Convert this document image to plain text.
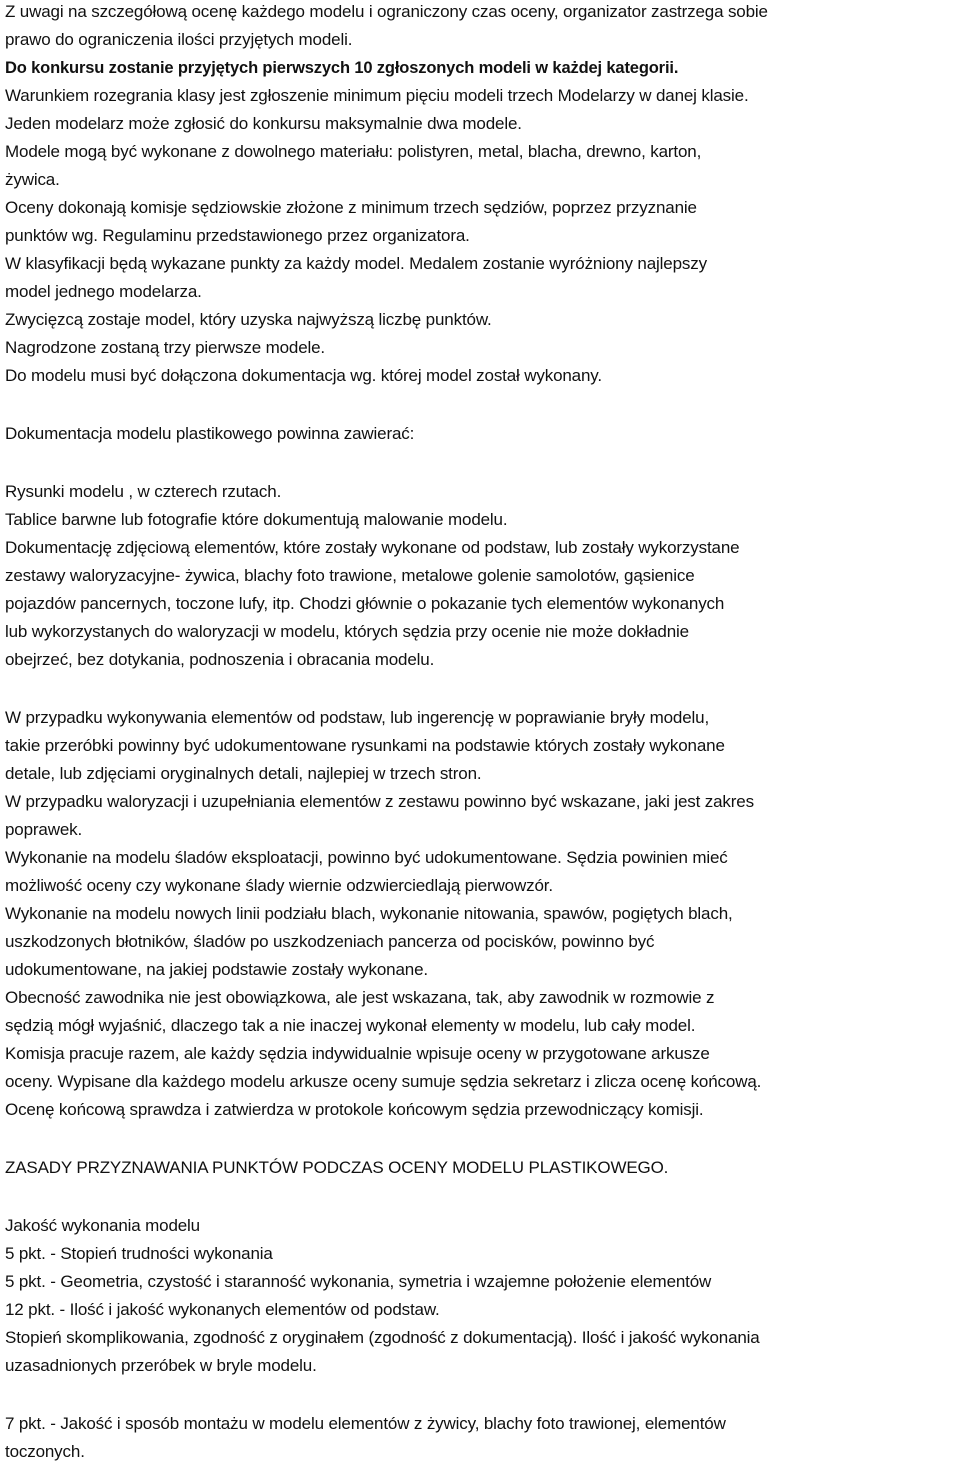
Z uwagi na szczegółową ocenę każdego modelu i ograniczony czas oceny, organizator zastrzega sobie
prawo do ograniczenia ilości przyjętych modeli.
Do konkursu zostanie przyjętych pierwszych 10 zgłoszonych modeli w każdej kategorii.
Warunkiem rozegrania klasy jest zgłoszenie minimum pięciu modeli trzech Modelarzy w danej klasie.
Jeden modelarz może zgłosić do konkursu maksymalnie dwa modele.
Modele mogą być wykonane z dowolnego materiału: polistyren, metal, blacha, drewno, karton,
żywica.
Oceny dokonają komisje sędziowskie złożone z minimum trzech sędziów, poprzez przyznanie
punktów wg. Regulaminu przedstawionego przez organizatora.
W klasyfikacji będą wykazane punkty za każdy model. Medalem zostanie wyróżniony najlepszy
model jednego modelarza.
Zwycięzcą zostaje model, który uzyska najwyższą liczbę punktów.
Nagrodzone zostaną trzy pierwsze modele.
Do modelu musi być dołączona dokumentacja wg. której model został wykonany.
Dokumentacja modelu plastikowego powinna zawierać:
Rysunki modelu , w czterech rzutach.
Tablice barwne lub fotografie które dokumentują malowanie modelu.
Dokumentację zdjęciową elementów, które zostały wykonane od podstaw, lub zostały wykorzystane
zestawy waloryzacyjne- żywica, blachy foto trawione, metalowe golenie samolotów, gąsienice
pojazdów pancernych, toczone lufy, itp. Chodzi głównie o pokazanie tych elementów wykonanych
lub wykorzystanych do waloryzacji w modelu, których sędzia przy ocenie nie może dokładnie
obejrzeć, bez dotykania, podnoszenia i obracania modelu.
W przypadku wykonywania elementów od podstaw, lub ingerencję w poprawianie bryły modelu,
takie przeróbki powinny być udokumentowane rysunkami na podstawie których zostały wykonane
detale, lub zdjęciami oryginalnych detali, najlepiej w trzech stron.
W przypadku waloryzacji i uzupełniania elementów z zestawu powinno być wskazane, jaki jest zakres
poprawek.
Wykonanie na modelu śladów eksploatacji, powinno być udokumentowane. Sędzia powinien mieć
możliwość oceny czy wykonane ślady wiernie odzwierciedlają pierwowzór.
Wykonanie na modelu nowych linii podziału blach, wykonanie nitowania, spawów, pogiętych blach,
uszkodzonych błotników, śladów po uszkodzeniach pancerza od pocisków, powinno być
udokumentowane, na jakiej podstawie zostały wykonane.
Obecność zawodnika nie jest obowiązkowa, ale jest wskazana, tak, aby zawodnik w rozmowie z
sędzią mógł wyjaśnić, dlaczego tak a nie inaczej wykonał elementy w modelu, lub cały model.
Komisja pracuje razem, ale każdy sędzia indywidualnie wpisuje oceny w przygotowane arkusze
oceny. Wypisane dla każdego modelu arkusze oceny sumuje sędzia sekretarz i zlicza ocenę końcową.
Ocenę końcową sprawdza i zatwierdza w protokole końcowym sędzia przewodniczący komisji.
ZASADY PRZYZNAWANIA PUNKTÓW PODCZAS OCENY MODELU PLASTIKOWEGO.
Jakość wykonania modelu
5 pkt. - Stopień trudności wykonania
5 pkt. - Geometria, czystość i staranność wykonania, symetria i wzajemne położenie elementów
12 pkt. - Ilość i jakość wykonanych elementów od podstaw.
Stopień skomplikowania, zgodność z oryginałem (zgodność z dokumentacją). Ilość i jakość wykonania
uzasadnionych przeróbek w bryle modelu.
7 pkt. - Jakość i sposób montażu w modelu elementów z żywicy, blachy foto trawionej, elementów
toczonych.
